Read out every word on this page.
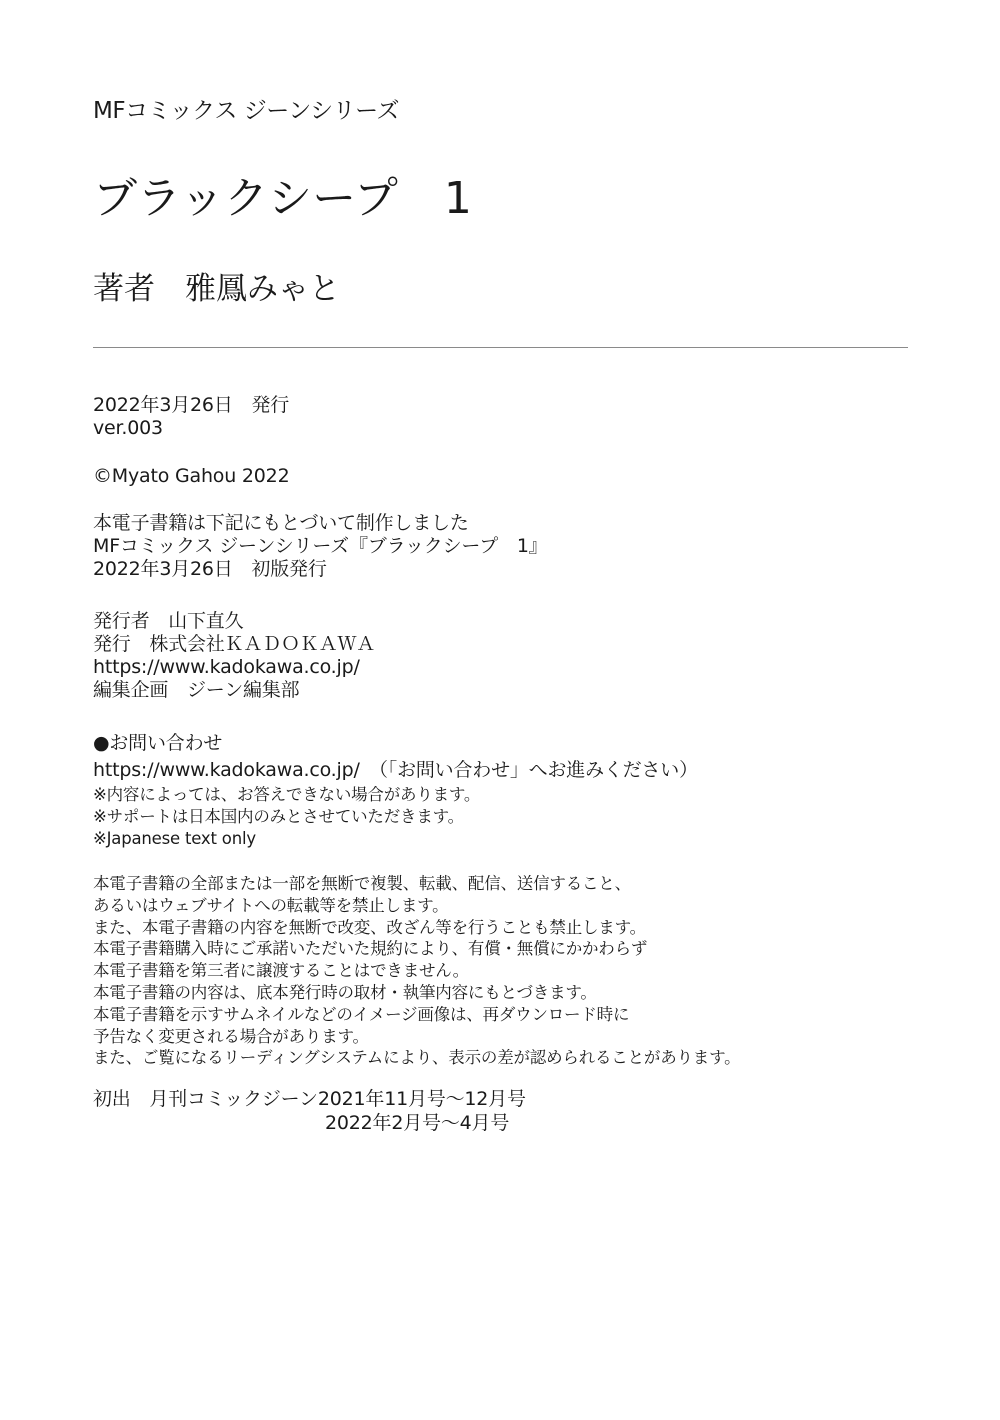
MFコミックス ジーンシリーズ
ブラックシープ 1
著者 雅鳳みゃと
2022年3月26日　発行
ver.003
©Myato Gahou 2022
本電子書籍は下記にもとづいて制作しました
MFコミックス ジーンシリーズ『ブラックシープ　1』
2022年3月26日　初版発行
発行者　山下直久
発行　株式会社ＫＡＤＯＫＡＷＡ
https://www.kadokawa.co.jp/
編集企画　ジーン編集部
●お問い合わせ
https://www.kadokawa.co.jp/　（「お問い合わせ」へお進みください）
※内容によっては、お答えできない場合があります。
※サポートは日本国内のみとさせていただきます。
※Japanese text only
本電子書籍の全部または一部を無断で複製、転載、配信、送信すること、
あるいはウェブサイトへの転載等を禁止します。
また、本電子書籍の内容を無断で改変、改ざん等を行うことも禁止します。
本電子書籍購入時にご承諾いただいた規約により、有償・無償にかかわらず
本電子書籍を第三者に譲渡することはできません。
本電子書籍の内容は、底本発行時の取材・執筆内容にもとづきます。
本電子書籍を示すサムネイルなどのイメージ画像は、再ダウンロード時に
予告なく変更される場合があります。
また、ご覧になるリーディングシステムにより、表示の差が認められることがあります。
初出　月刊コミックジーン2021年11月号～12月号
2022年2月号～4月号
